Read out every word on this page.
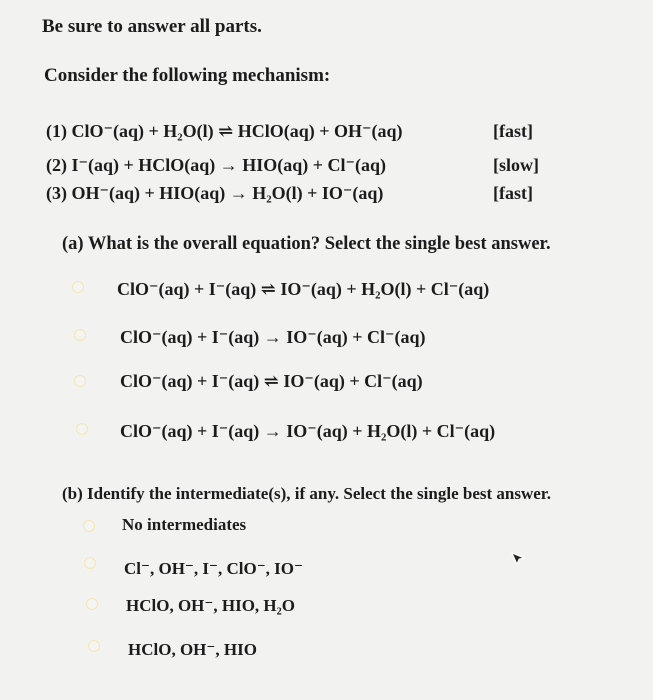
Be sure to answer all parts.
Consider the following mechanism:
(1) ClO⁻(aq) + H₂O(l) ⇌ HClO(aq) + OH⁻(aq)	[fast]
(2) I⁻(aq) + HClO(aq) → HIO(aq) + Cl⁻(aq)	[slow]
(3) OH⁻(aq) + HIO(aq) → H₂O(l) + IO⁻(aq)	[fast]
(a) What is the overall equation? Select the single best answer.
ClO⁻(aq) + I⁻(aq) ⇌ IO⁻(aq) + H₂O(l) + Cl⁻(aq)
ClO⁻(aq) + I⁻(aq) → IO⁻(aq) + Cl⁻(aq)
ClO⁻(aq) + I⁻(aq) ⇌ IO⁻(aq) + Cl⁻(aq)
ClO⁻(aq) + I⁻(aq) → IO⁻(aq) + H₂O(l) + Cl⁻(aq)
(b) Identify the intermediate(s), if any. Select the single best answer.
No intermediates
Cl⁻, OH⁻, I⁻, ClO⁻, IO⁻
HClO, OH⁻, HIO, H₂O
HClO, OH⁻, HIO
